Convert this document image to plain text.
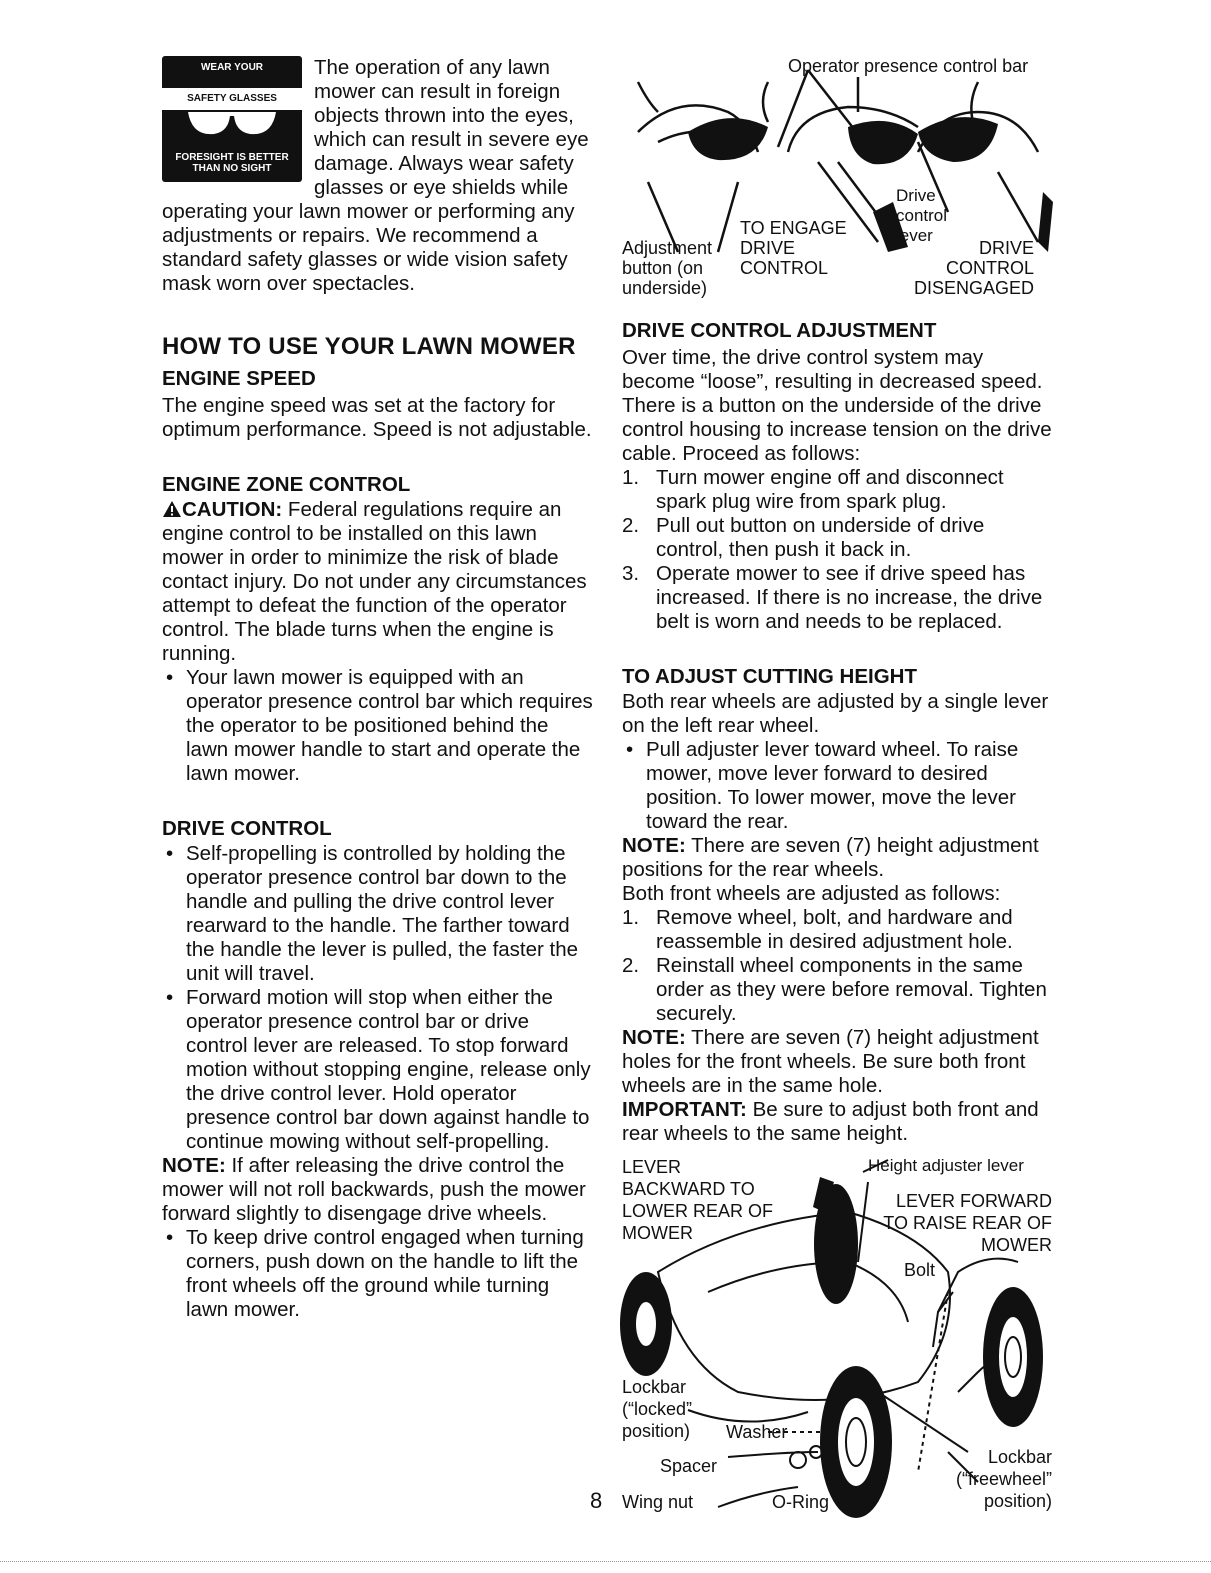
WEAR YOUR
SAFETY GLASSES
FORESIGHT IS BETTER THAN NO SIGHT

The operation of any lawn mower can result in foreign objects thrown into the eyes, which can result in severe eye damage. Always wear safety glasses or eye shields while operating your lawn mower or performing any adjustments or repairs. We recommend a standard safety glasses or wide vision safety mask worn over spectacles.

HOW TO USE YOUR LAWN MOWER
ENGINE SPEED

The engine speed was set at the factory for optimum performance. Speed is not adjustable.

ENGINE ZONE CONTROL

CAUTION: Federal regulations require an engine control to be installed on this lawn mower in order to minimize the risk of blade contact injury. Do not under any circumstances attempt to defeat the function of the operator control. The blade turns when the engine is running.

• Your lawn mower is equipped with an operator presence control bar which requires the operator to be positioned behind the lawn mower handle to start and operate the lawn mower.
DRIVE CONTROL
• Self-propelling is controlled by holding the operator presence control bar down to the handle and pulling the drive control lever rearward to the handle. The farther toward the handle the lever is pulled, the faster the unit will travel.
• Forward motion will stop when either the operator presence control bar or drive control lever are released. To stop forward motion without stopping engine, release only the drive control lever. Hold operator presence control bar down against handle to continue mowing without self-propelling.

NOTE: If after releasing the drive control the mower will not roll backwards, push the mower forward slightly to disengage drive wheels.

• To keep drive control engaged when turning corners, push down on the handle to lift the front wheels off the ground while turning lawn mower.
Operator presence control bar
Adjustment button (on underside)
TO ENGAGE DRIVE CONTROL
Drive control lever
DRIVE CONTROL DISENGAGED
DRIVE CONTROL ADJUSTMENT

Over time, the drive control system may become “loose”, resulting in decreased speed. There is a button on the underside of the drive control housing to increase tension on the drive cable. Proceed as follows:

1. Turn mower engine off and disconnect spark plug wire from spark plug.
2. Pull out button on underside of drive control, then push it back in.
3. Operate mower to see if drive speed has increased. If there is no increase, the drive belt is worn and needs to be replaced.
TO ADJUST CUTTING HEIGHT

Both rear wheels are adjusted by a single lever on the left rear wheel.

• Pull adjuster lever toward wheel. To raise mower, move lever forward to desired position. To lower mower, move the lever toward the rear.

NOTE: There are seven (7) height adjustment positions for the rear wheels.

Both front wheels are adjusted as follows:

1. Remove wheel, bolt, and hardware and reassemble in desired adjustment hole.
2. Reinstall wheel components in the same order as they were before removal. Tighten securely.

NOTE: There are seven (7) height adjustment holes for the front wheels. Be sure both front wheels are in the same hole.

IMPORTANT: Be sure to adjust both front and rear wheels to the same height.

LEVER BACKWARD TO LOWER REAR OF MOWER
Height adjuster lever
LEVER FORWARD TO RAISE REAR OF MOWER
Bolt
Lockbar (“locked” position)	Washer
Spacer
Wing nut	O-Ring
Lockbar (“freewheel” position)
8
